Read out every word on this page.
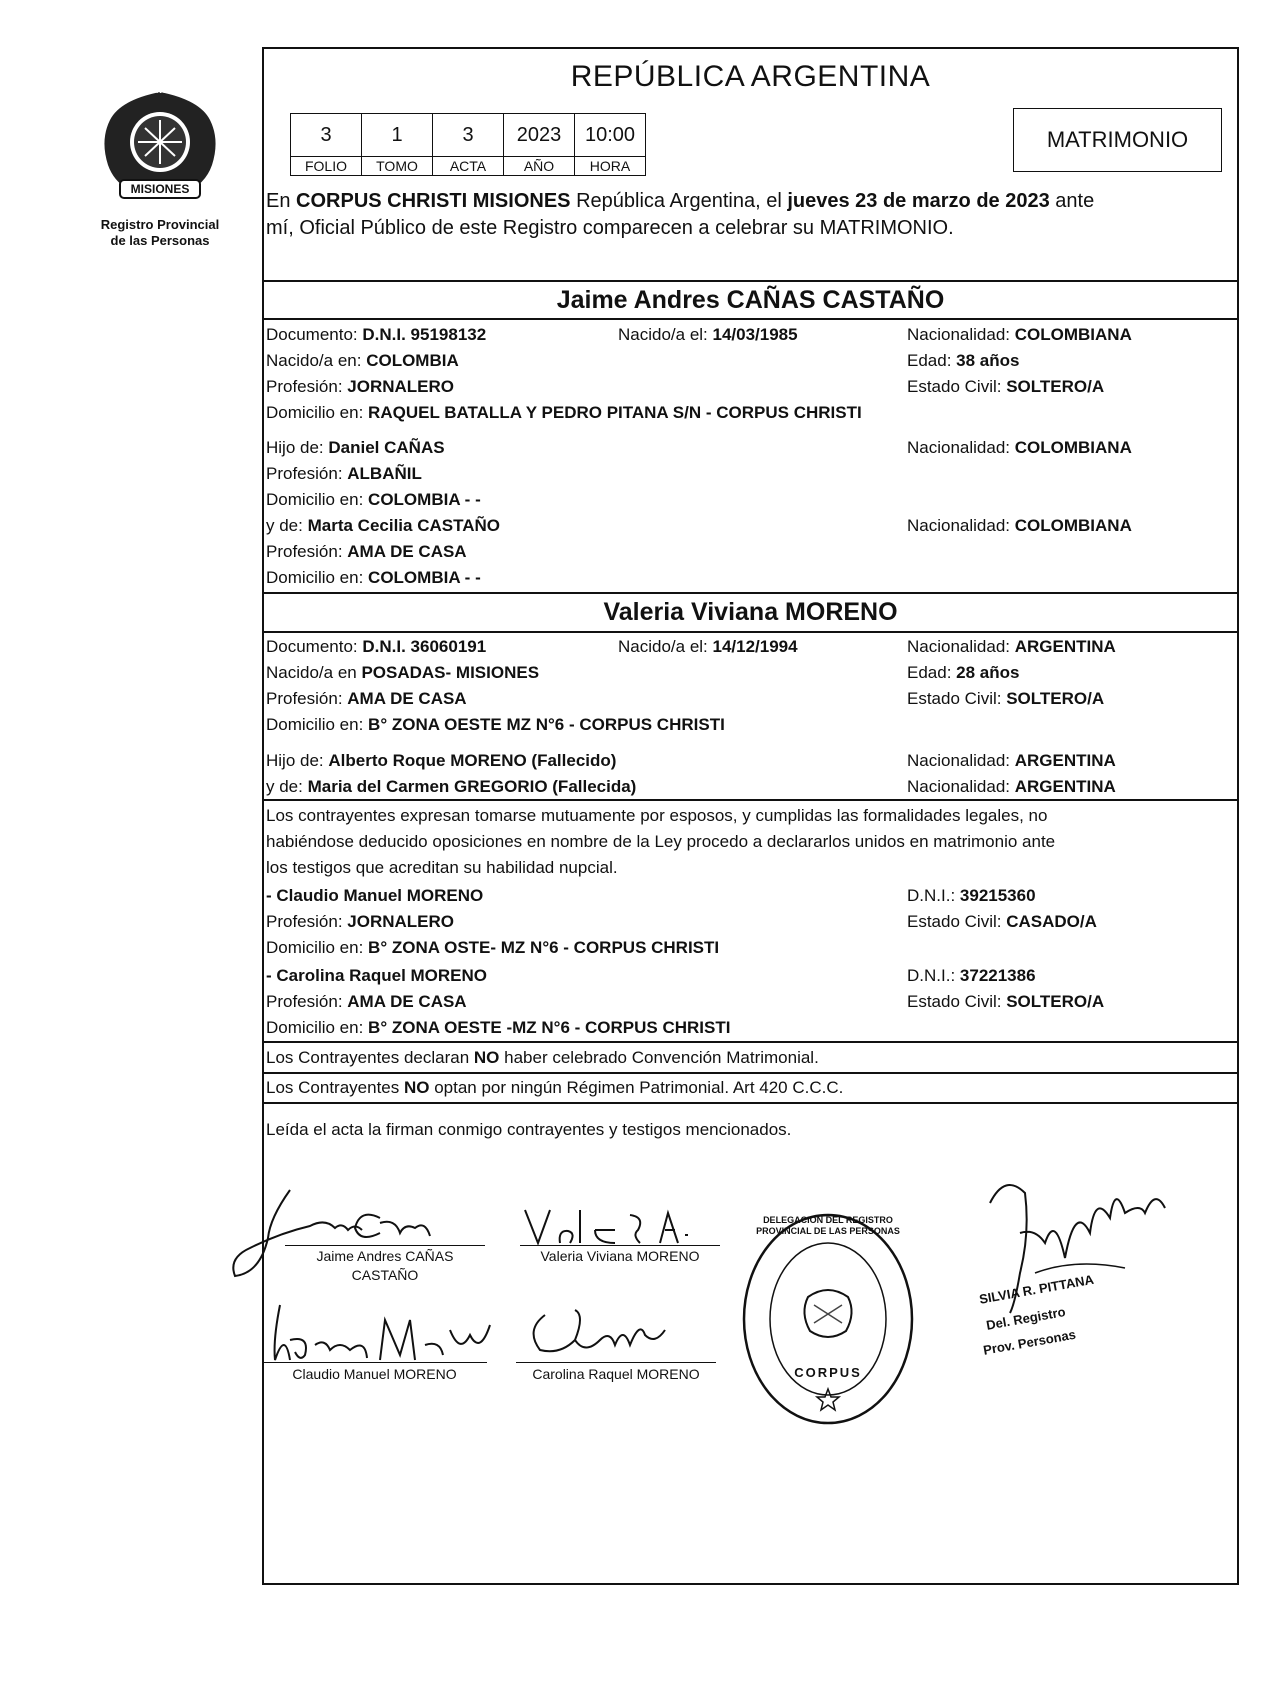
PROVINCIA DE
MISIONES
Registro Provincial
de las Personas
REPÚBLICA ARGENTINA
MATRIMONIO
3	1	3	2023	10:00
FOLIO	TOMO	ACTA	AÑO	HORA
En CORPUS CHRISTI MISIONES República Argentina, el jueves 23 de marzo de 2023 ante
mí, Oficial Público de este Registro comparecen a celebrar su MATRIMONIO.
Jaime Andres CAÑAS CASTAÑO
Documento: D.N.I. 95198132	Nacido/a el: 14/03/1985	Nacionalidad: COLOMBIANA
Nacido/a en: COLOMBIA	Edad: 38 años
Profesión: JORNALERO	Estado Civil: SOLTERO/A
Domicilio en: RAQUEL BATALLA Y PEDRO PITANA S/N - CORPUS CHRISTI
Hijo de: Daniel CAÑAS	Nacionalidad: COLOMBIANA
Profesión: ALBAÑIL
Domicilio en: COLOMBIA - -
y de: Marta Cecilia CASTAÑO	Nacionalidad: COLOMBIANA
Profesión: AMA DE CASA
Domicilio en: COLOMBIA - -
Valeria Viviana MORENO
Documento: D.N.I. 36060191	Nacido/a el: 14/12/1994	Nacionalidad: ARGENTINA
Nacido/a en POSADAS- MISIONES	Edad: 28 años
Profesión: AMA DE CASA	Estado Civil: SOLTERO/A
Domicilio en: B° ZONA OESTE MZ N°6 - CORPUS CHRISTI
Hijo de: Alberto Roque MORENO (Fallecido)	Nacionalidad: ARGENTINA
y de: Maria del Carmen GREGORIO (Fallecida)	Nacionalidad: ARGENTINA
Los contrayentes expresan tomarse mutuamente por esposos, y cumplidas las formalidades legales, no
habiéndose deducido oposiciones en nombre de la Ley procedo a declararlos unidos en matrimonio ante
los testigos que acreditan su habilidad nupcial.
- Claudio Manuel MORENO	D.N.I.: 39215360
Profesión: JORNALERO	Estado Civil: CASADO/A
Domicilio en: B° ZONA OSTE- MZ N°6 - CORPUS CHRISTI
- Carolina Raquel MORENO	D.N.I.: 37221386
Profesión: AMA DE CASA	Estado Civil: SOLTERO/A
Domicilio en: B° ZONA OESTE -MZ N°6 - CORPUS CHRISTI
Los Contrayentes declaran NO haber celebrado Convención Matrimonial.
Los Contrayentes NO optan por ningún Régimen Patrimonial. Art 420 C.C.C.
Leída el acta la firman conmigo contrayentes y testigos mencionados.
Jaime Andres CAÑAS
CASTAÑO
Valeria Viviana MORENO
Claudio Manuel MORENO	Carolina Raquel MORENO
DELEGACION DEL REGISTRO PROVINCIAL DE LAS PERSONAS
CORPUS
SILVIA R. PITTANA
Del. Registro
Prov. Personas
